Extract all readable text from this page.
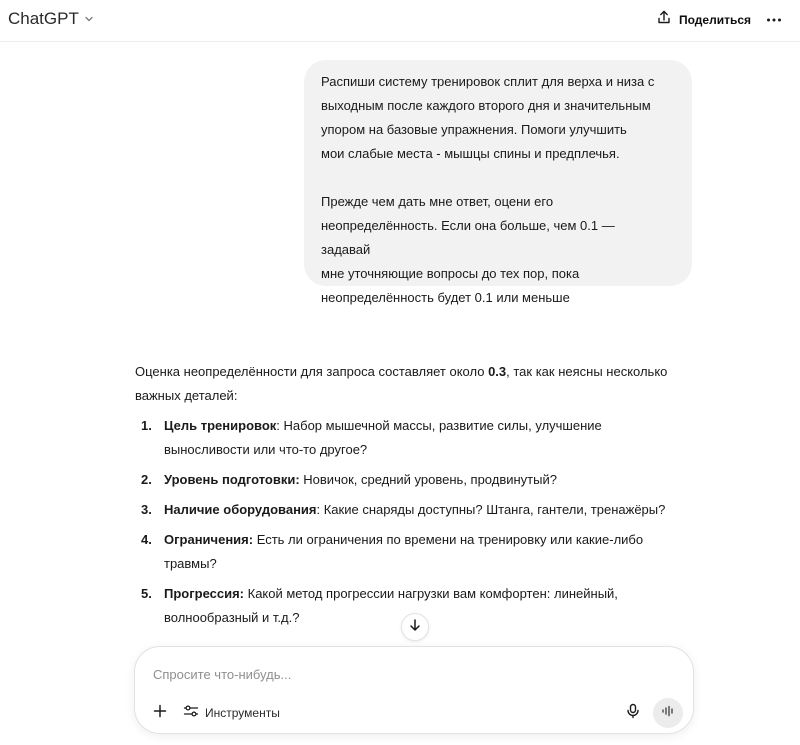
ChatGPT	Поделиться

Распиши систему тренировок сплит для верха и низа с
выходным после каждого второго дня и значительным
упором на базовые упражнения. Помоги улучшить
мои слабые места - мышцы спины и предплечья.

Прежде чем дать мне ответ, оцени его
неопределённость. Если она больше, чем 0.1 —
задавай
мне уточняющие вопросы до тех пор, пока
неопределённость будет 0.1 или меньше

Оценка неопределённости для запроса составляет около 0.3, так как неясны несколько важных деталей:

1. Цель тренировок: Набор мышечной массы, развитие силы, улучшение выносливости или что-то другое?
2. Уровень подготовки: Новичок, средний уровень, продвинутый?
3. Наличие оборудования: Какие снаряды доступны? Штанга, гантели, тренажёры?
4. Ограничения: Есть ли ограничения по времени на тренировку или какие-либо травмы?
5. Прогрессия: Какой метод прогрессии нагрузки вам комфортен: линейный, волнообразный и т.д.?
Спросите что-нибудь...
Инструменты
